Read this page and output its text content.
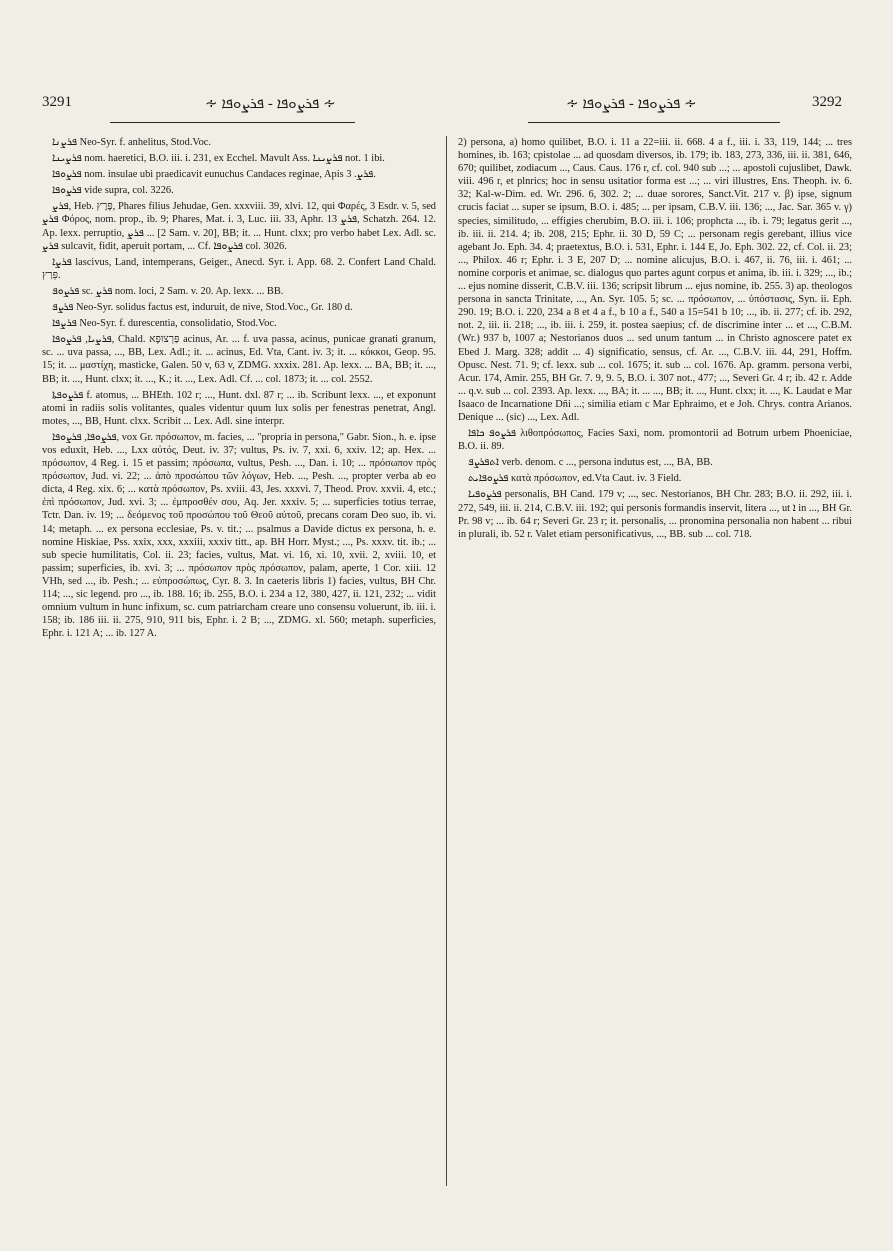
3291	∻ ܦܪܨܘܦܐ - ܦܪܨܘܦܐ ∻	∻ ܦܪܨܘܦܐ - ܦܪܨܘܦܐ ∻	3292

ܦܪܨܢܐ Neo-Syr. f. anhelitus, Stod.Voc.

ܦܪܨܝܢܐ nom. haeretici, B.O. iii. i. 231, ex Ecchel. Mavult Ass. ܦܪܨܝܢܐ not. 1 ibi.

ܦܪܨܘܦܐ nom. insulae ubi praedicavit eunuchus Candaces reginae, Apis ܦܪܨ. 3.

ܦܪܨܘܦܐ vide supra, col. 3226.

ܦܪܨ, Heb. פֶּרֶץ, Phares filius Jehudae, Gen. xxxviii. 39, xlvi. 12, qui Φαρές, 3 Esdr. v. 5, sed ܦܪܨ Φόρος, nom. prop., ib. 9; Phares, Mat. i. 3, Luc. iii. 33, Aphr. ܦܪܨ 13, Schatzh. 264. 12. Ap. lexx. perruptio, ܦܪܨ ... [2 Sam. v. 20], BB; it. ... Hunt. clxx; pro verbo habet Lex. Adl. sc. ܦܪܨ sulcavit, fidit, aperuit portam, ... Cf. ܦܪܨܘܦܐ col. 3026.

ܦܪܨܐ lascivus, Land, intemperans, Geiger., Anecd. Syr. i. App. 68. 2. Confert Land Chald. פְּרַץ.

ܦܪܨܘܦ sc. ܦܪܨ nom. loci, 2 Sam. v. 20. Ap. lexx. ... BB.

ܦܪܨܦ Neo-Syr. solidus factus est, induruit, de nive, Stod.Voc., Gr. 180 d.

ܦܪܨܦܐ Neo-Syr. f. durescentia, consolidatio, Stod.Voc.

ܦܪܨܝܐ, ܦܪܨܘܦܐ, Chald. פַּרְצוּפָא acinus, Ar. ... f. uva passa, acinus, punicae granati granum, sc. ... uva passa, ..., BB, Lex. Adl.; it. ... acinus, Ed. Vta, Cant. iv. 3; it. ... κόκκοι, Geop. 95. 15; it. ... μαστίχη, masticke, Galen. 50 v, 63 v, ZDMG. xxxix. 281. Ap. lexx. ... BA, BB; it. ..., BB; it. ..., Hunt. clxx; it. ..., K.; it. ..., Lex. Adl. Cf. ... col. 1873; it. ... col. 2552.

ܦܪܨܘܦܬܐ f. atomus, ... BHEth. 102 r; ..., Hunt. dxl. 87 r; ... ib. Scribunt lexx. ..., et exponunt atomi in radiis solis volitantes, quales videntur quum lux solis per fenestras penetrat, Angl. motes, ..., BB, Hunt. clxx. Scribit ... Lex. Adl. sine interpr.

ܦܪܨܘܦܐ, ܦܪܨܘܦܐ, vox Gr. πρόσωπον, m. facies, ... "propria in persona," Gabr. Sion., h. e. ipse vos eduxit, Heb. ..., Lxx αὐτός, Deut. iv. 37; vultus, Ps. iv. 7, xxi. 6, xxiv. 12; ap. Hex. ... πρόσωπον, 4 Reg. i. 15 et passim; πρόσωπα, vultus, Pesh. ..., Dan. i. 10; ... πρόσωπον πρὸς πρόσωπον, Jud. vi. 22; ... ἀπὸ προσώπου τῶν λόγων, Heb. ..., Pesh. ..., propter verba ab eo dicta, 4 Reg. xix. 6; ... κατὰ πρόσωπον, Ps. xviii. 43, Jes. xxxvi. 7, Theod. Prov. xxvii. 4, etc.; ἐπὶ πρόσωπον, Jud. xvi. 3; ... ἐμπροσθέν σου, Aq. Jer. xxxiv. 5; ... superficies totius terrae, Tctr. Dan. iv. 19; ... δεόμενος τοῦ προσώπου τοῦ Θεοῦ αὐτοῦ, precans coram Deo suo, ib. vi. 14; metaph. ... ex persona ecclesiae, Ps. v. tit.; ... psalmus a Davide dictus ex persona, h. e. nomine Hiskiae, Pss. xxix, xxx, xxxiii, xxxiv titt., ap. BH Horr. Myst.; ..., Ps. xxxv. tit. ib.; ... sub specie humilitatis, Col. ii. 23; facies, vultus, Mat. vi. 16, xi. 10, xvii. 2, xviii. 10, et passim; superficies, ib. xvi. 3; ... πρόσωπον πρὸς πρόσωπον, palam, aperte, 1 Cor. xiii. 12 VHh, sed ..., ib. Pesh.; ... εὐπροσώπως, Cyr. 8. 3. In caeteris libris 1) facies, vultus, BH Chr. 114; ..., sic legend. pro ..., ib. 188. 16; ib. 255, B.O. i. 234 a 12, 380, 427, ii. 121, 232; ... vidit omnium vultum in hunc infixum, sc. cum patriarcham creare uno consensu voluerunt, ib. iii. i. 158; ib. 186 iii. ii. 275, 910, 911 bis, Ephr. i. 2 B; ..., ZDMG. xl. 560; metaph. superficies, Ephr. i. 121 A; ... ib. 127 A.

2) persona, a) homo quilibet, B.O. i. 11 a 22=iii. ii. 668. 4 a f., iii. i. 33, 119, 144; ... tres homines, ib. 163; cpistolae ... ad quosdam diversos, ib. 179; ib. 183, 273, 336, iii. ii. 381, 646, 670; quilibet, zodiacum ..., Caus. Caus. 176 r, cf. col. 940 sub ...; ... apostoli cujuslibet, Dawk. viii. 496 r, et plnrics; hoc in sensu usitatior forma est ...; ... viri illustres, Ens. Theoph. iv. 6. 32; Kal-w-Dim. ed. Wr. 296. 6, 302. 2; ... duae sorores, Sanct.Vit. 217 v. β) ipse, signum crucis faciat ... super se ipsum, B.O. i. 485; ... per ipsam, C.B.V. iii. 136; ..., Jac. Sar. 365 v. γ) species, similitudo, ... effigies cherubim, B.O. iii. i. 106; prophcta ..., ib. i. 79; legatus gerit ..., ib. iii. ii. 214. 4; ib. 208, 215; Ephr. ii. 30 D, 59 C; ... personam regis gerebant, illius vice agebant Jo. Eph. 34. 4; praetextus, B.O. i. 531, Ephr. i. 144 E, Jo. Eph. 302. 22, cf. Col. ii. 23; ..., Philox. 46 r; Ephr. i. 3 E, 207 D; ... nomine alicujus, B.O. i. 467, ii. 76, iii. i. 461; ... nomine corporis et animae, sc. dialogus quo partes agunt corpus et anima, ib. iii. i. 329; ..., ib.; ... ejus nomine disserit, C.B.V. iii. 136; scripsit librum ... ejus nomine, ib. 255. 3) ap. theologos persona in sancta Trinitate, ..., An. Syr. 105. 5; sc. ... πρόσωπον, ... ὑπόστασις, Syn. ii. Eph. 290. 19; B.O. i. 220, 234 a 8 et 4 a f., b 10 a f., 540 a 15=541 b 10; ..., ib. ii. 277; cf. ib. 292, not. 2, iii. ii. 218; ..., ib. iii. i. 259, it. postea saepius; cf. de discrimine inter ... et ..., C.B.M. (Wr.) 937 b, 1007 a; Nestorianos duos ... sed unum tantum ... in Christo agnoscere patet ex Ebed J. Marg. 328; addit ... 4) significatio, sensus, cf. Ar. ..., C.B.V. iii. 44, 291, Hoffm. Opusc. Nest. 71. 9; cf. lexx. sub ... col. 1675; it. sub ... col. 1676. Ap. gramm. persona verbi, Acur. 174, Amir. 255, BH Gr. 7. 9, 9. 5, B.O. i. 307 not., 477; ..., Severi Gr. 4 r; ib. 42 r. Adde ... q.v. sub ... col. 2393. Ap. lexx. ..., BA; it. ... ..., BB; it. ..., Hunt. clxx; it. ..., K. Laudat e Mar Isaaco de Incarnatione Dñi ...; similia etiam c Mar Ephraimo, et e Joh. Chrys. contra Arianos. Denique ... (sic) ..., Lex. Adl.

ܦܪܨܘܦ ܟܐܦܐ λιθοπρόσωπος, Facies Saxi, nom. promontorii ad Botrum urbem Phoeniciae, B.O. ii. 89.

ܐܬܦܪܨܦ verb. denom. c ..., persona indutus est, ..., BA, BB.

ܦܪܨܘܦܐܝܬ κατὰ πρόσωπον, ed.Vta Caut. iv. 3 Field.

ܦܪܨܘܦܝܐ personalis, BH Cand. 179 v; ..., sec. Nestorianos, BH Chr. 283; B.O. ii. 292, iii. i. 272, 549, iii. ii. 214, C.B.V. iii. 192; qui personis formandis inservit, litera ..., ut ܐ in ..., BH Gr. Pr. 98 v; ... ib. 64 r; Severi Gr. 23 r; it. personalis, ... pronomina personalia non habent ... ribui in plurali, ib. 52 r. Valet etiam personificativus, ..., BB. sub ... col. 718.
